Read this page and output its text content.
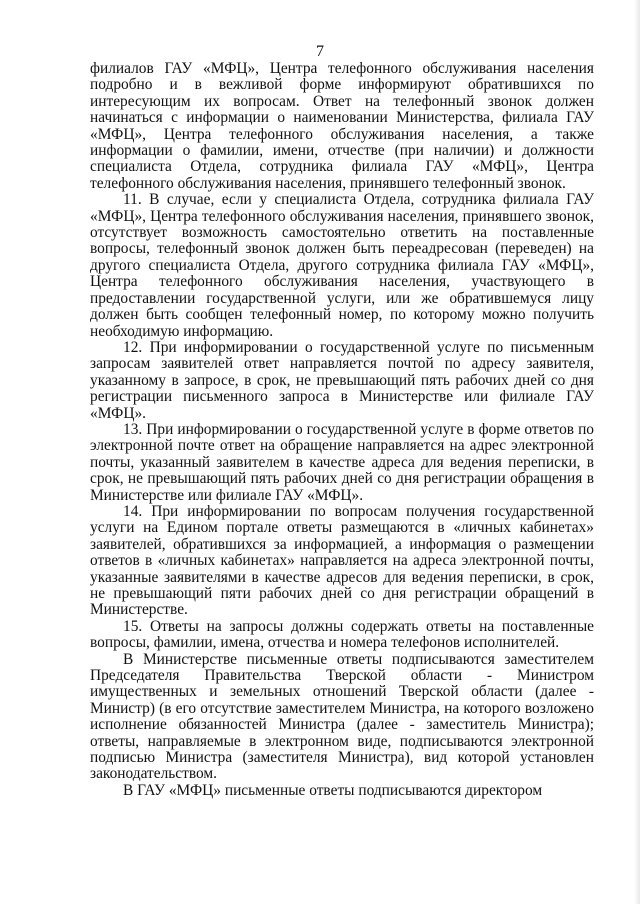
7

филиалов ГАУ «МФЦ», Центра телефонного обслуживания населения подробно и в вежливой форме информируют обратившихся по интересующим их вопросам. Ответ на телефонный звонок должен начинаться с информации о наименовании Министерства, филиала ГАУ «МФЦ», Центра телефонного обслуживания населения, а также информации о фамилии, имени, отчестве (при наличии) и должности специалиста Отдела, сотрудника филиала ГАУ «МФЦ», Центра телефонного обслуживания населения, принявшего телефонный звонок.

11. В случае, если у специалиста Отдела, сотрудника филиала ГАУ «МФЦ», Центра телефонного обслуживания населения, принявшего звонок, отсутствует возможность самостоятельно ответить на поставленные вопросы, телефонный звонок должен быть переадресован (переведен) на другого специалиста Отдела, другого сотрудника филиала ГАУ «МФЦ», Центра телефонного обслуживания населения, участвующего в предоставлении государственной услуги, или же обратившемуся лицу должен быть сообщен телефонный номер, по которому можно получить необходимую информацию.

12. При информировании о государственной услуге по письменным запросам заявителей ответ направляется почтой по адресу заявителя, указанному в запросе, в срок, не превышающий пять рабочих дней со дня регистрации письменного запроса в Министерстве или филиале ГАУ «МФЦ».

13. При информировании о государственной услуге в форме ответов по электронной почте ответ на обращение направляется на адрес электронной почты, указанный заявителем в качестве адреса для ведения переписки, в срок, не превышающий пять рабочих дней со дня регистрации обращения в Министерстве или филиале ГАУ «МФЦ».

14. При информировании по вопросам получения государственной услуги на Едином портале ответы размещаются в «личных кабинетах» заявителей, обратившихся за информацией, а информация о размещении ответов в «личных кабинетах» направляется на адреса электронной почты, указанные заявителями в качестве адресов для ведения переписки, в срок, не превышающий пяти рабочих дней со дня регистрации обращений в Министерстве.

15. Ответы на запросы должны содержать ответы на поставленные вопросы, фамилии, имена, отчества и номера телефонов исполнителей.

В Министерстве письменные ответы подписываются заместителем Председателя Правительства Тверской области - Министром имущественных и земельных отношений Тверской области (далее - Министр) (в его отсутствие заместителем Министра, на которого возложено исполнение обязанностей Министра (далее - заместитель Министра); ответы, направляемые в электронном виде, подписываются электронной подписью Министра (заместителя Министра), вид которой установлен законодательством.

В ГАУ «МФЦ» письменные ответы подписываются директором
